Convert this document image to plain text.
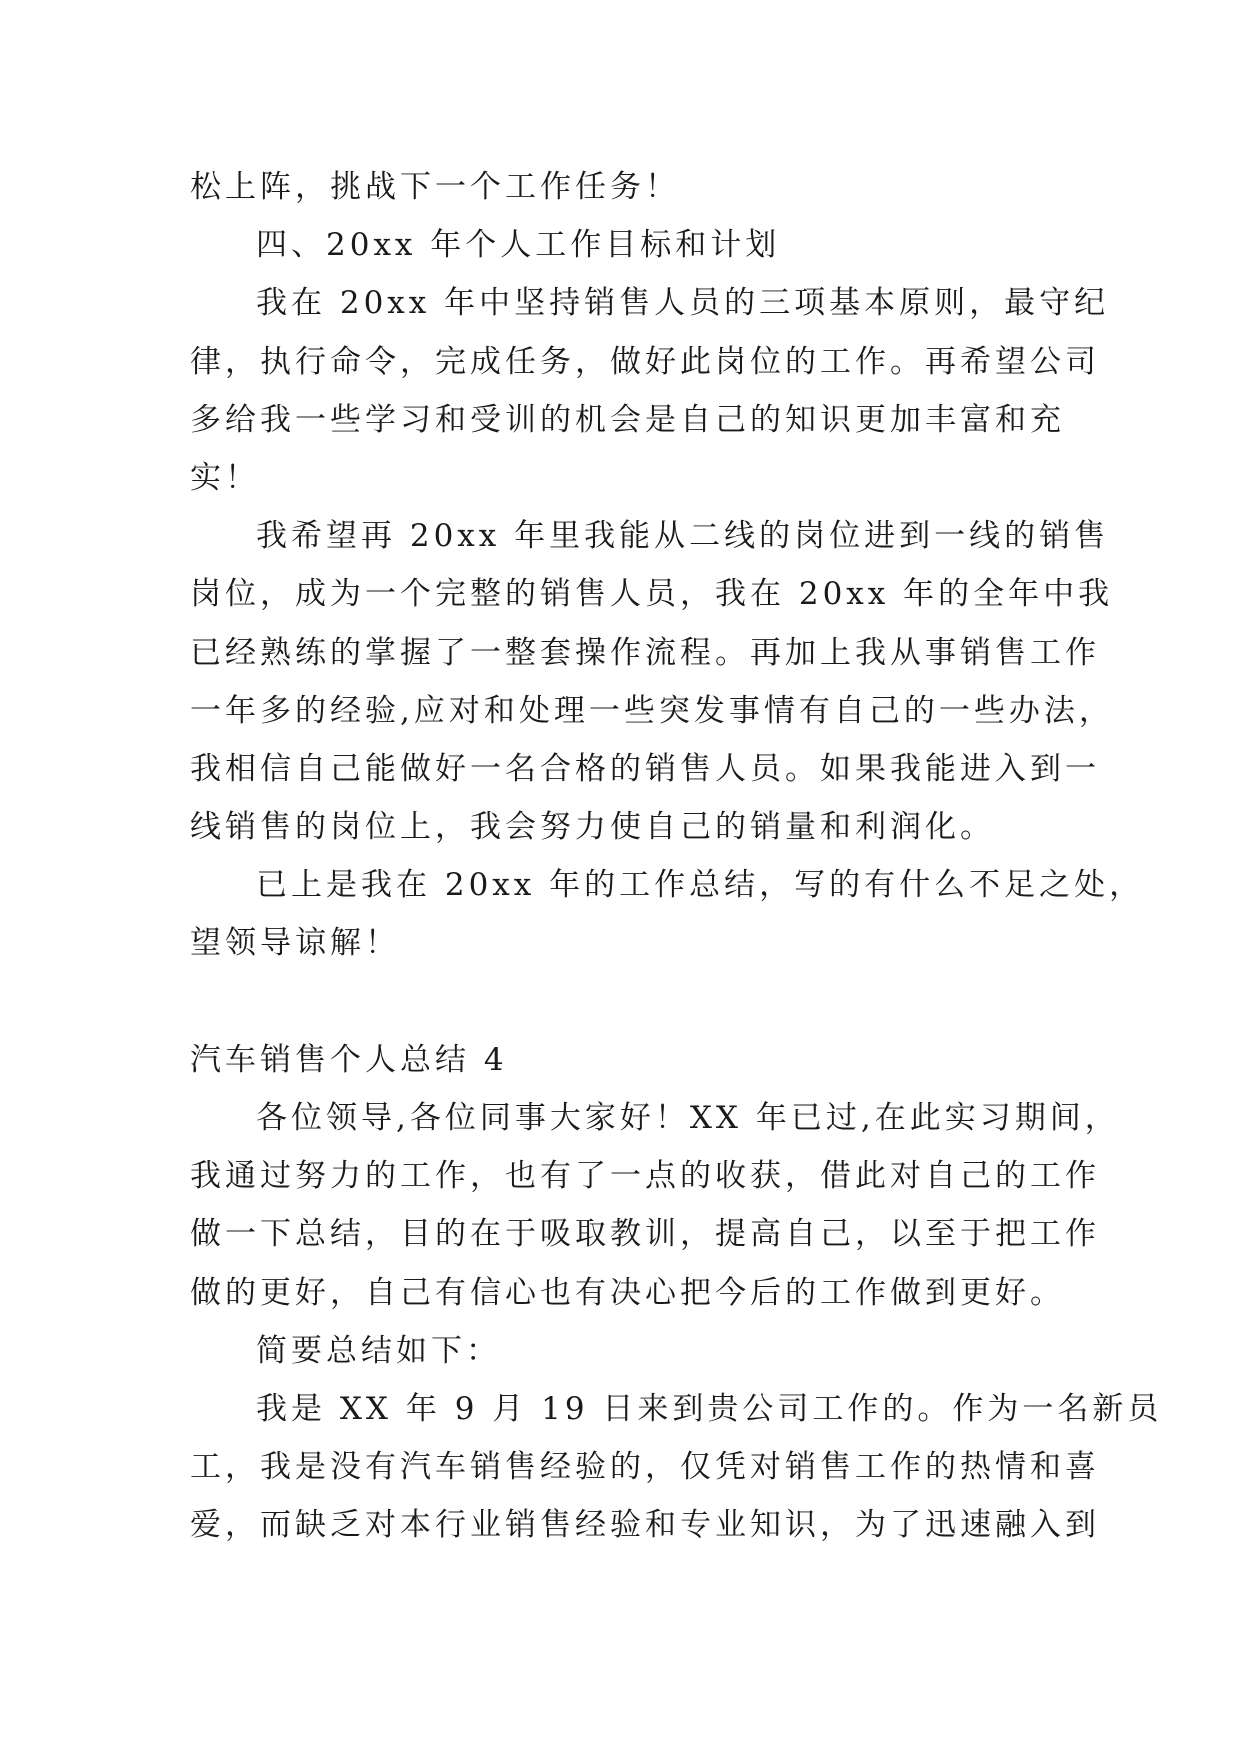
松上阵，挑战下一个工作任务！
四、20xx 年个人工作目标和计划
我在 20xx 年中坚持销售人员的三项基本原则，最守纪
律，执行命令，完成任务，做好此岗位的工作。再希望公司
多给我一些学习和受训的机会是自己的知识更加丰富和充
实！
我希望再 20xx 年里我能从二线的岗位进到一线的销售
岗位，成为一个完整的销售人员，我在 20xx 年的全年中我
已经熟练的掌握了一整套操作流程。再加上我从事销售工作
一年多的经验,应对和处理一些突发事情有自己的一些办法，
我相信自己能做好一名合格的销售人员。如果我能进入到一
线销售的岗位上，我会努力使自己的销量和利润化。
已上是我在 20xx 年的工作总结，写的有什么不足之处，
望领导谅解！
汽车销售个人总结 4
各位领导,各位同事大家好！XX 年已过,在此实习期间，
我通过努力的工作，也有了一点的收获，借此对自己的工作
做一下总结，目的在于吸取教训，提高自己，以至于把工作
做的更好，自己有信心也有决心把今后的工作做到更好。
简要总结如下：
我是 XX 年 9 月 19 日来到贵公司工作的。作为一名新员
工，我是没有汽车销售经验的，仅凭对销售工作的热情和喜
爱，而缺乏对本行业销售经验和专业知识，为了迅速融入到
